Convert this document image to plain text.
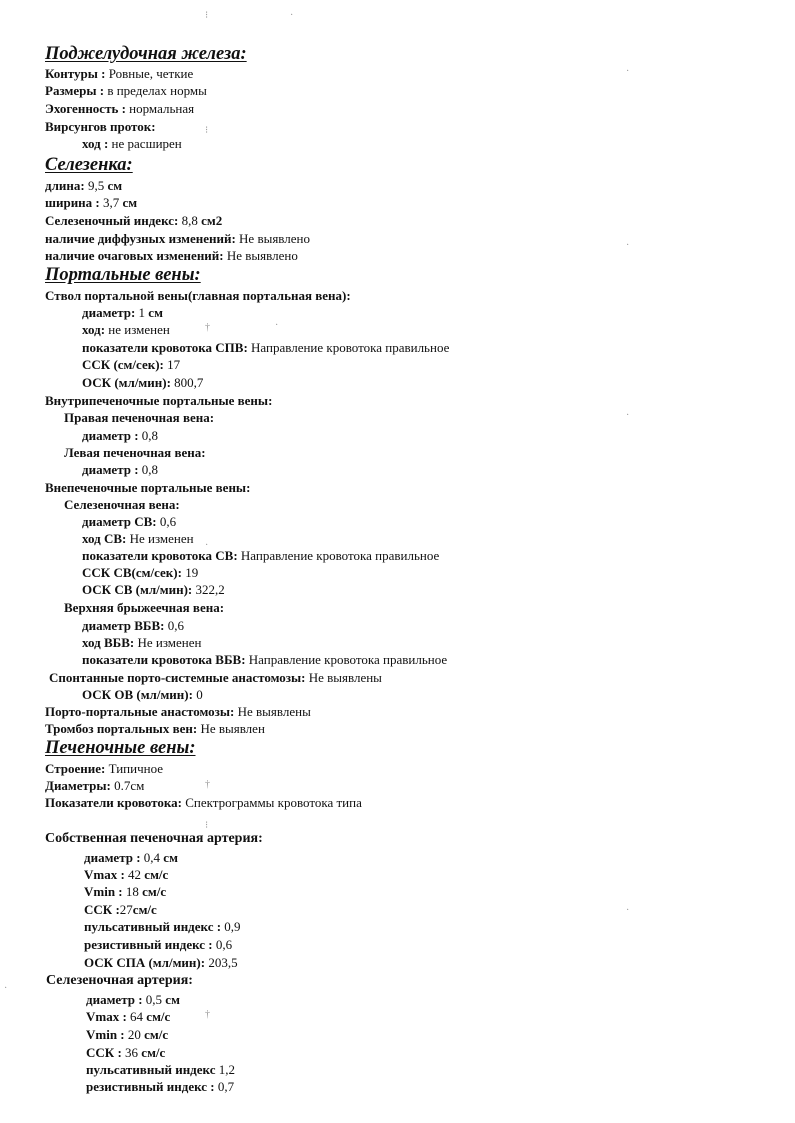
Поджелудочная железа:
Контуры : Ровные, четкие
Размеры : в пределах нормы
Эхогенность : нормальная
Вирсунгов проток:
ход : не расширен
Селезенка:
длина: 9,5 см
ширина : 3,7 см
Селезеночный индекс: 8,8 см2
наличие диффузных изменений: Не выявлено
наличие очаговых изменений: Не выявлено
Портальные вены:
Ствол портальной вены(главная портальная вена):
диаметр: 1 см
ход: не изменен
показатели кровотока СПВ: Направление кровотока правильное
ССК (см/сек): 17
ОСК (мл/мин): 800,7
Внутрипеченочные портальные вены:
Правая печеночная вена:
диаметр : 0,8
Левая печеночная вена:
диаметр : 0,8
Внепеченочные портальные вены:
Селезеночная вена:
диаметр СВ: 0,6
ход СВ: Не изменен
показатели кровотока СВ: Направление кровотока правильное
ССК СВ(см/сек): 19
ОСК СВ (мл/мин): 322,2
Верхняя брыжеечная вена:
диаметр ВБВ: 0,6
ход ВБВ: Не изменен
показатели кровотока ВБВ: Направление кровотока правильное
Спонтанные порто-системные анастомозы: Не выявлены
ОСК ОВ (мл/мин): 0
Порто-портальные анастомозы: Не выявлены
Тромбоз портальных вен: Не выявлен
Печеночные вены:
Строение: Типичное
Диаметры: 0.7см
Показатели кровотока: Спектрограммы кровотока типа
Собственная печеночная артерия:
диаметр : 0,4 см
Vmax : 42 см/с
Vmin : 18 см/с
ССК :27см/с
пульсативный индекс : 0,9
резистивный индекс : 0,6
ОСК СПА (мл/мин): 203,5
Селезеночная артерия:
диаметр : 0,5 см
Vmax : 64 см/с
Vmin : 20 см/с
ССК : 36 см/с
пульсативный индекс 1,2
резистивный индекс : 0,7
⁝	·
·
⁝
·
†	·
·
·
†
⁝
†
·
·
